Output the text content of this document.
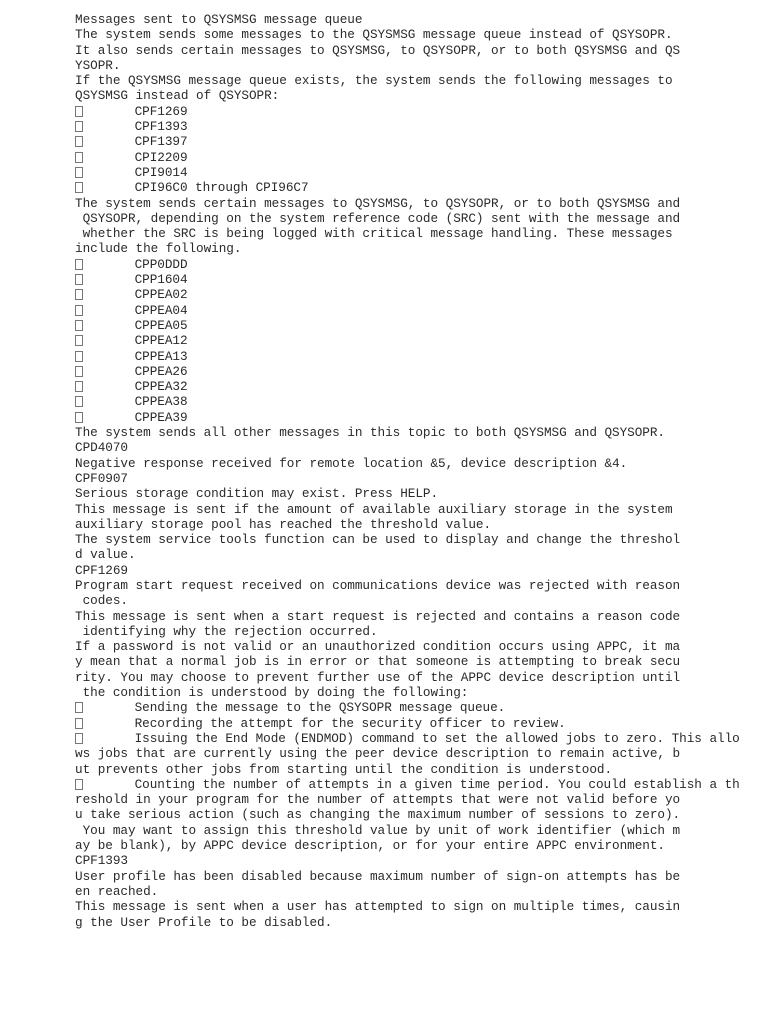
Messages sent to QSYSMSG message queue
The system sends some messages to the QSYSMSG message queue instead of QSYSOPR.
It also sends certain messages to QSYSMSG, to QSYSOPR, or to both QSYSMSG and QS
YSOPR.
If the QSYSMSG message queue exists, the system sends the following messages to
QSYSMSG instead of QSYSOPR:
CPF1269
CPF1393
CPF1397
CPI2209
CPI9014
CPI96C0 through CPI96C7
The system sends certain messages to QSYSMSG, to QSYSOPR, or to both QSYSMSG and
QSYSOPR, depending on the system reference code (SRC) sent with the message and
whether the SRC is being logged with critical message handling. These messages
include the following.
CPP0DDD
CPP1604
CPPEA02
CPPEA04
CPPEA05
CPPEA12
CPPEA13
CPPEA26
CPPEA32
CPPEA38
CPPEA39
The system sends all other messages in this topic to both QSYSMSG and QSYSOPR.
CPD4070
Negative response received for remote location &5, device description &4.
CPF0907
Serious storage condition may exist. Press HELP.
This message is sent if the amount of available auxiliary storage in the system
auxiliary storage pool has reached the threshold value.
The system service tools function can be used to display and change the threshol
d value.
CPF1269
Program start request received on communications device was rejected with reason
codes.
This message is sent when a start request is rejected and contains a reason code
identifying why the rejection occurred.
If a password is not valid or an unauthorized condition occurs using APPC, it ma
y mean that a normal job is in error or that someone is attempting to break secu
rity. You may choose to prevent further use of the APPC device description until
the condition is understood by doing the following:
Sending the message to the QSYSOPR message queue.
Recording the attempt for the security officer to review.
Issuing the End Mode (ENDMOD) command to set the allowed jobs to zero. This allo
ws jobs that are currently using the peer device description to remain active, b
ut prevents other jobs from starting until the condition is understood.
Counting the number of attempts in a given time period. You could establish a th
reshold in your program for the number of attempts that were not valid before yo
u take serious action (such as changing the maximum number of sessions to zero).
You may want to assign this threshold value by unit of work identifier (which m
ay be blank), by APPC device description, or for your entire APPC environment.
CPF1393
User profile has been disabled because maximum number of sign-on attempts has be
en reached.
This message is sent when a user has attempted to sign on multiple times, causin
g the User Profile to be disabled.
